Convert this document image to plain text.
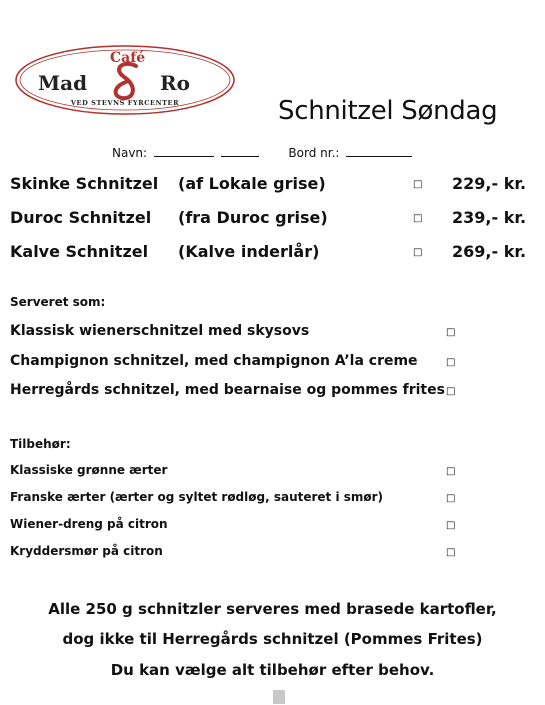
Café
Mad	Ro
VED STEVNS FYRCENTER	Schnitzel Søndag
Navn:	Bord nr.:
Skinke Schnitzel (af Lokale grise)	□ 229,- kr.
Duroc Schnitzel (fra Duroc grise)	□ 239,- kr.
Kalve Schnitzel (Kalve inderlår)	□ 269,- kr.
Serveret som:
Klassisk wienerschnitzel med skysovs	□
Champignon schnitzel, med champignon A’la creme	□
Herregårds schnitzel, med bearnaise og pommes frites □
Tilbehør:
Klassiske grønne ærter	□
Franske ærter (ærter og syltet rødløg, sauteret i smør)	□
Wiener-dreng på citron	□
Kryddersmør på citron	□
Alle 250 g schnitzler serveres med brasede kartofler,
dog ikke til Herregårds schnitzel (Pommes Frites)
Du kan vælge alt tilbehør efter behov.
